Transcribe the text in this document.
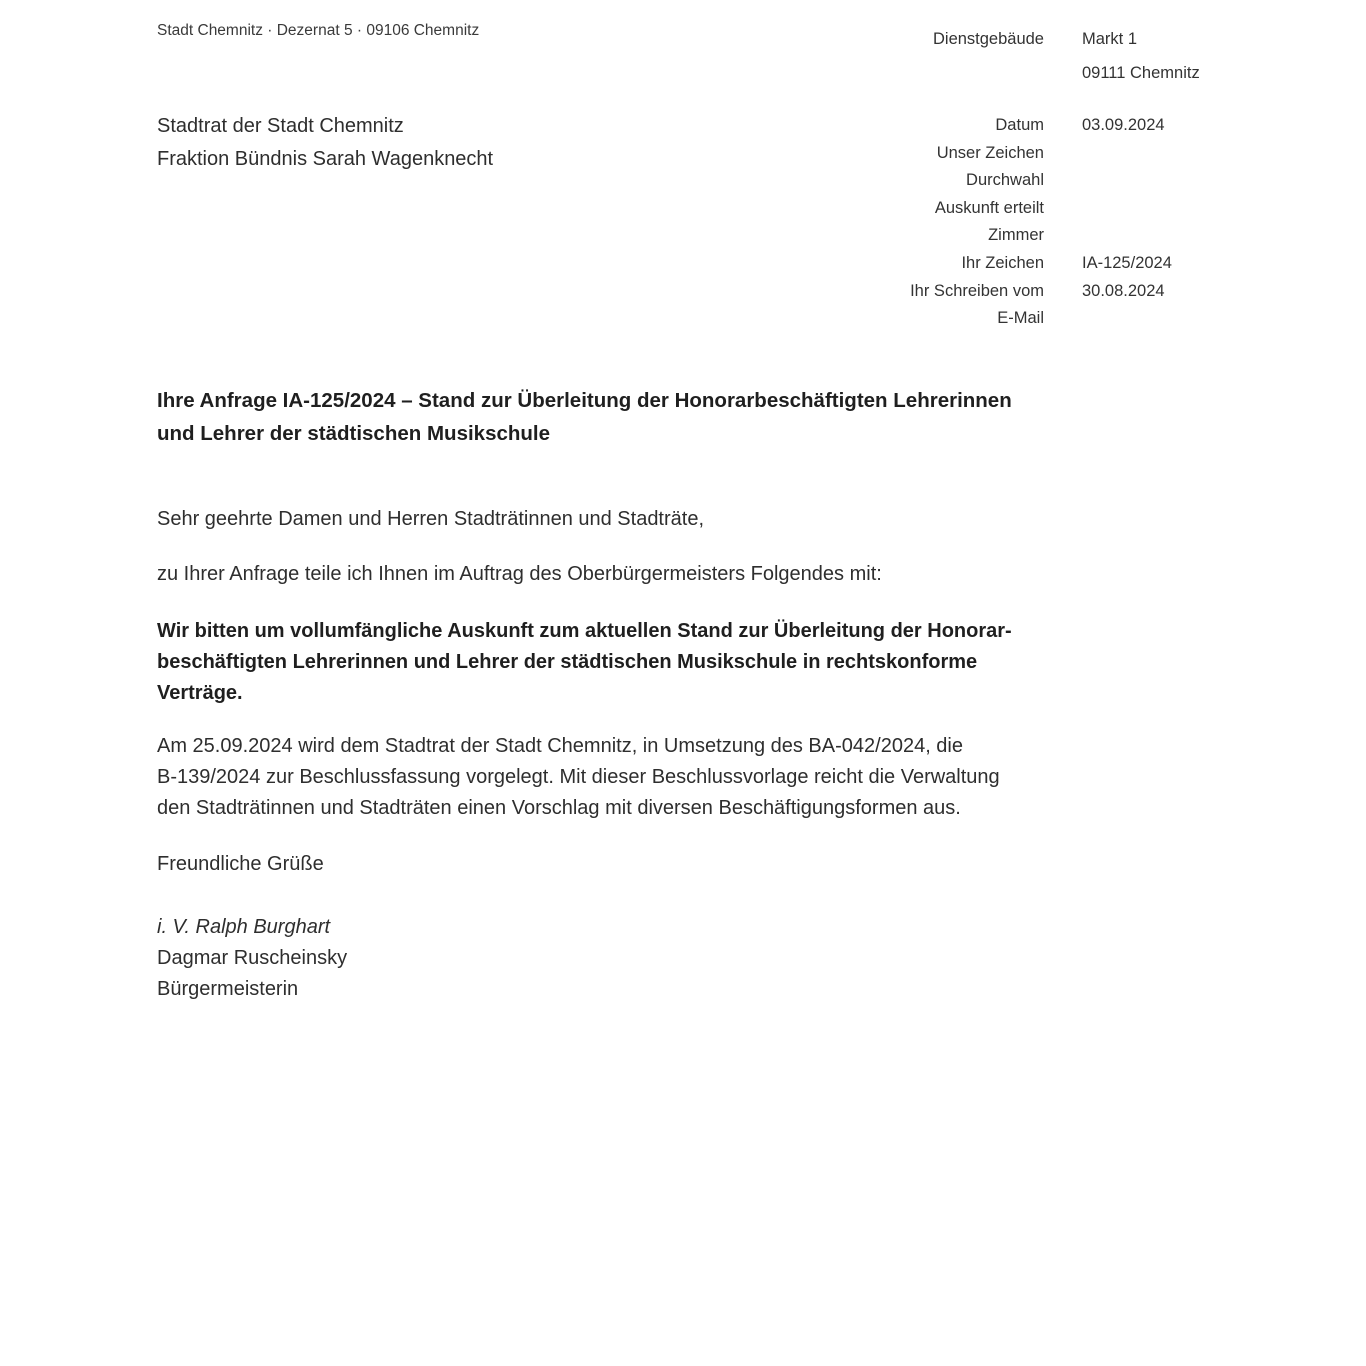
Stadt Chemnitz · Dezernat 5 · 09106 Chemnitz	Dienstgebäude Markt 1
09111 Chemnitz
Stadtrat der Stadt Chemnitz
Fraktion Bündnis Sarah Wagenknecht
Datum 03.09.2024
Unser Zeichen
Durchwahl
Auskunft erteilt
Zimmer
Ihr Zeichen IA-125/2024
Ihr Schreiben vom 30.08.2024
E-Mail
Ihre Anfrage IA-125/2024 – Stand zur Überleitung der Honorarbeschäftigten Lehrerinnen
und Lehrer der städtischen Musikschule
Sehr geehrte Damen und Herren Stadträtinnen und Stadträte,
zu Ihrer Anfrage teile ich Ihnen im Auftrag des Oberbürgermeisters Folgendes mit:
Wir bitten um vollumfängliche Auskunft zum aktuellen Stand zur Überleitung der Honorar-
beschäftigten Lehrerinnen und Lehrer der städtischen Musikschule in rechtskonforme
Verträge.
Am 25.09.2024 wird dem Stadtrat der Stadt Chemnitz, in Umsetzung des BA-042/2024, die
B-139/2024 zur Beschlussfassung vorgelegt. Mit dieser Beschlussvorlage reicht die Verwaltung
den Stadträtinnen und Stadträten einen Vorschlag mit diversen Beschäftigungsformen aus.
Freundliche Grüße
i. V. Ralph Burghart
Dagmar Ruscheinsky
Bürgermeisterin
